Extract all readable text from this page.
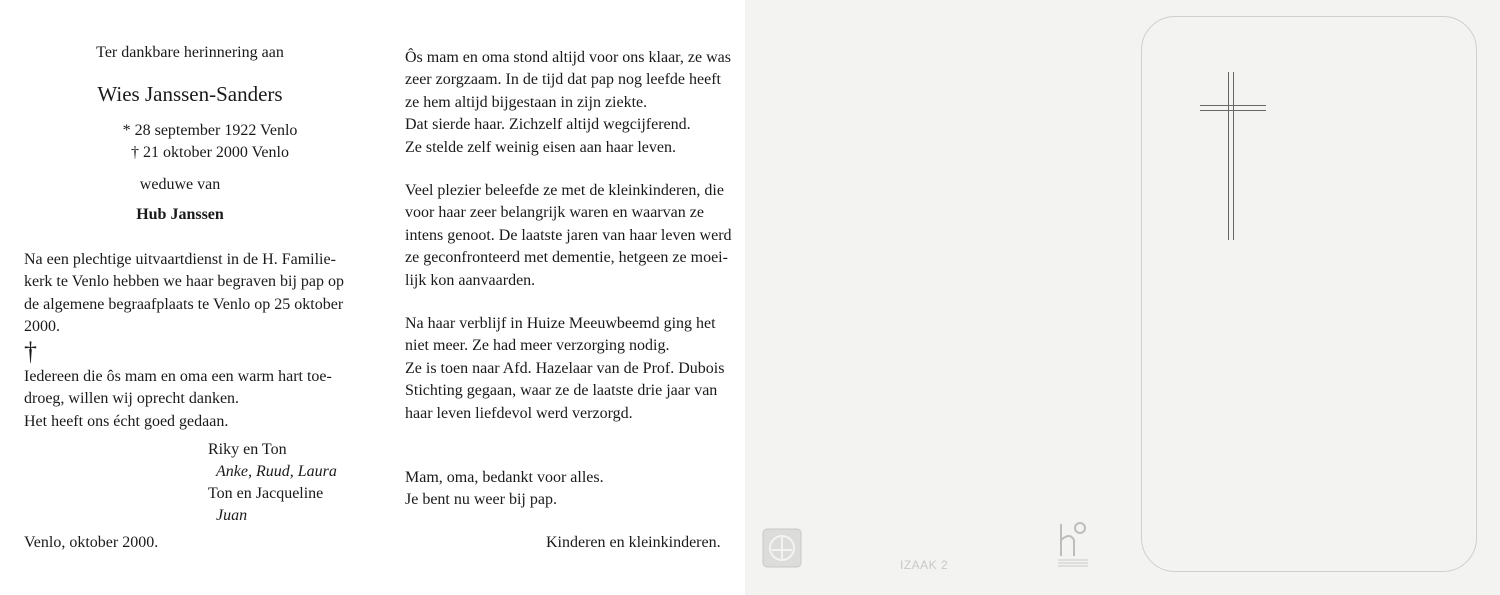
Ter dankbare herinnering aan
Wies Janssen-Sanders
* 28 september 1922 Venlo
† 21 oktober 2000 Venlo
weduwe van
Hub Janssen
Na een plechtige uitvaartdienst in de H. Familie-
kerk te Venlo hebben we haar begraven bij pap op
de algemene begraafplaats te Venlo op 25 oktober
2000.
†
Iedereen die ôs mam en oma een warm hart toe-
droeg, willen wij oprecht danken.
Het heeft ons écht goed gedaan.
Riky en Ton
Anke, Ruud, Laura
Ton en Jacqueline
Juan
Venlo, oktober 2000.
Ôs mam en oma stond altijd voor ons klaar, ze was
zeer zorgzaam. In de tijd dat pap nog leefde heeft
ze hem altijd bijgestaan in zijn ziekte.
Dat sierde haar. Zichzelf altijd wegcijferend.
Ze stelde zelf weinig eisen aan haar leven.
Veel plezier beleefde ze met de kleinkinderen, die
voor haar zeer belangrijk waren en waarvan ze
intens genoot. De laatste jaren van haar leven werd
ze geconfronteerd met dementie, hetgeen ze moei-
lijk kon aanvaarden.
Na haar verblijf in Huize Meeuwbeemd ging het
niet meer. Ze had meer verzorging nodig.
Ze is toen naar Afd. Hazelaar van de Prof. Dubois
Stichting gegaan, waar ze de laatste drie jaar van
haar leven liefdevol werd verzorgd.
Mam, oma, bedankt voor alles.
Je bent nu weer bij pap.
Kinderen en kleinkinderen.
IZAAK 2
